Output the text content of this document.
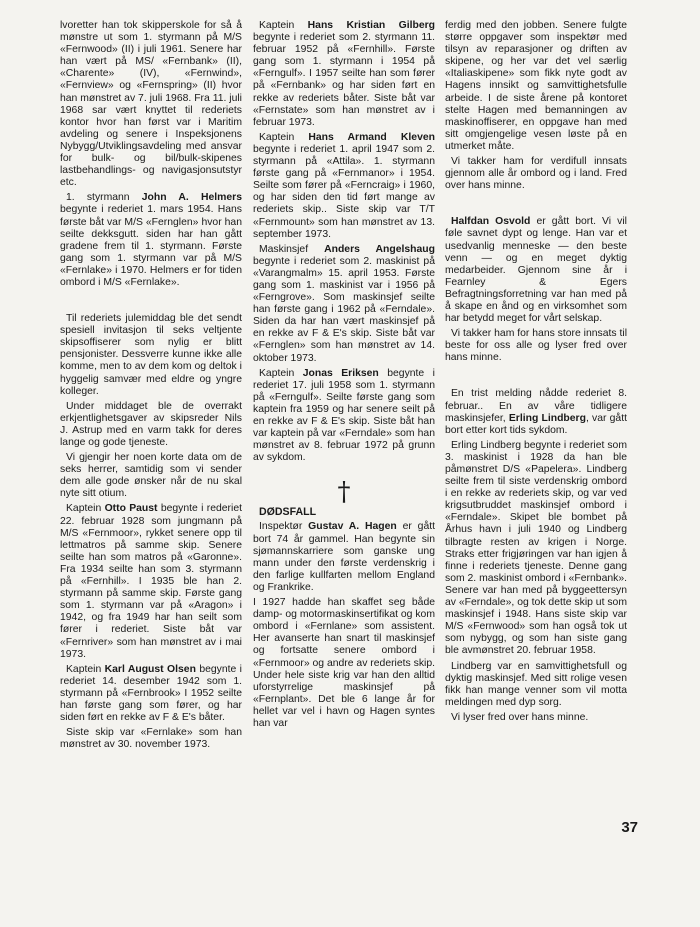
lvoretter han tok skipperskole for så å mønstre ut som 1. styrmann på M/S «Fernwood» (II) i juli 1961. Senere har han vært på MS/ «Fernbank» (II), «Charente» (IV), «Fernwind», «Fernview» og «Fernspring» (II) hvor han mønstret av 7. juli 1968. Fra 11. juli 1968 sar vært knyttet til rederiets kontor hvor han først var i Maritim avdeling og senere i Inspeksjonens Nybygg/Utviklingsavdeling med ansvar for bulk- og bil/bulk-skipenes lastbehandlings- og navigasjonsutstyr etc.

1. styrmann John A. Helmers begynte i rederiet 1. mars 1954. Hans første båt var M/S «Fernglen» hvor han seilte dekksgutt. siden har han gått gradene frem til 1. styrmann. Første gang som 1. styrmann var på M/S «Fernlake» i 1970. Helmers er for tiden ombord i M/S «Fernlake».

Til rederiets julemiddag ble det sendt spesiell invitasjon til seks veltjente skipsoffiserer som nylig er blitt pensjonister. Dessverre kunne ikke alle komme, men to av dem kom og deltok i hyggelig samvær med eldre og yngre kolleger.

Under middaget ble de overrakt erkjentlighetsgaver av skipsreder Nils J. Astrup med en varm takk for deres lange og gode tjeneste.

Vi gjengir her noen korte data om de seks herrer, samtidig som vi sender dem alle gode ønsker når de nu skal nyte sitt otium.

Kaptein Otto Paust begynte i rederiet 22. februar 1928 som jungmann på M/S «Fernmoor», rykket senere opp til lettmatros på samme skip. Senere seilte han som matros på «Garonne». Fra 1934 seilte han som 3. styrmann på «Fernhill». I 1935 ble han 2. styrmann på samme skip. Første gang som 1. styrmann var på «Aragon» i 1942, og fra 1949 har han seilt som fører i rederiet. Siste båt var «Fernriver» som han mønstret av i mai 1973.

Kaptein Karl August Olsen begynte i rederiet 14. desember 1942 som 1. styrmann på «Fernbrook» I 1952 seilte han første gang som fører, og har siden ført en rekke av F & E's båter.

Siste skip var «Fernlake» som han mønstret av 30. november 1973.

Kaptein Hans Kristian Gilberg begynte i rederiet som 2. styrmann 11. februar 1952 på «Fernhill». Første gang som 1. styrmann i 1954 på «Ferngulf». I 1957 seilte han som fører på «Fernbank» og har siden ført en rekke av rederiets båter. Siste båt var «Fernstate» som han mønstret av i februar 1973.

Kaptein Hans Armand Kleven begynte i rederiet 1. april 1947 som 2. styrmann på «Attila». 1. styrmann første gang på «Fernmanor» i 1954. Seilte som fører på «Ferncraig» i 1960, og har siden den tid ført mange av rederiets skip.. Siste skip var T/T «Fernmount» som han mønstret av 13. september 1973.

Maskinsjef Anders Angelshaug begynte i rederiet som 2. maskinist på «Varangmalm» 15. april 1953. Første gang som 1. maskinist var i 1956 på «Ferngrove». Som maskinsjef seilte han første gang i 1962 på «Ferndale». Siden da har han vært maskinsjef på en rekke av F & E's skip. Siste båt var «Fernglen» som han mønstret av 14. oktober 1973.

Kaptein Jonas Eriksen begynte i rederiet 17. juli 1958 som 1. styrmann på «Ferngulf». Seilte første gang som kaptein fra 1959 og har senere seilt på en rekke av F & E's skip. Siste båt han var kaptein på var «Ferndale» som han mønstret av 8. februar 1972 på grunn av sykdom.

†

DØDSFALL

Inspektør Gustav A. Hagen er gått bort 74 år gammel. Han begynte sin sjømannskarriere som ganske ung mann under den første verdenskrig i den farlige kullfarten mellom England og Frankrike.

I 1927 hadde han skaffet seg både damp- og motormaskinsertifikat og kom ombord i «Fernlane» som assistent. Her avanserte han snart til maskinsjef og fortsatte senere ombord i «Fernmoor» og andre av rederiets skip. Under hele siste krig var han den alltid uforstyrrelige maskinsjef på «Fernplant». Det ble 6 lange år for hellet var vel i havn og Hagen syntes han var

ferdig med den jobben. Senere fulgte større oppgaver som inspektør med tilsyn av reparasjoner og driften av skipene, og her var det vel særlig «Italiaskipene» som fikk nyte godt av Hagens innsikt og samvittighetsfulle arbeide. I de siste årene på kontoret stelte Hagen med bemanningen av maskinoffiserer, en oppgave han med sitt omgjengelige vesen løste på en utmerket måte.

Vi takker ham for verdifull innsats gjennom alle år ombord og i land. Fred over hans minne.

Halfdan Osvold er gått bort. Vi vil føle savnet dypt og lenge. Han var et usedvanlig menneske — den beste venn — og en meget dyktig medarbeider. Gjennom sine år i Fearnley & Egers Befragtningsforretning var han med på å skape en ånd og en virksomhet som har betydd meget for vårt selskap.

Vi takker ham for hans store innsats til beste for oss alle og lyser fred over hans minne.

En trist melding nådde rederiet 8. februar.. En av våre tidligere maskinsjefer, Erling Lindberg, var gått bort etter kort tids sykdom.

Erling Lindberg begynte i rederiet som 3. maskinist i 1928 da han ble påmønstret D/S «Papelera». Lindberg seilte frem til siste verdenskrig ombord i en rekke av rederiets skip, og var ved krigsutbruddet maskinsjef ombord i «Ferndale». Skipet ble bombet på Århus havn i juli 1940 og Lindberg tilbragte resten av krigen i Norge. Straks etter frigjøringen var han igjen å finne i rederiets tjeneste. Denne gang som 2. maskinist ombord i «Fernbank». Senere var han med på byggeettersyn av «Ferndale», og tok dette skip ut som maskinsjef i 1948. Hans siste skip var M/S «Fernwood» som han også tok ut som nybygg, og som han siste gang ble avmønstret 20. februar 1958.

Lindberg var en samvittighetsfull og dyktig maskinsjef. Med sitt rolige vesen fikk han mange venner som vil motta meldingen med dyp sorg.

Vi lyser fred over hans minne.

37
